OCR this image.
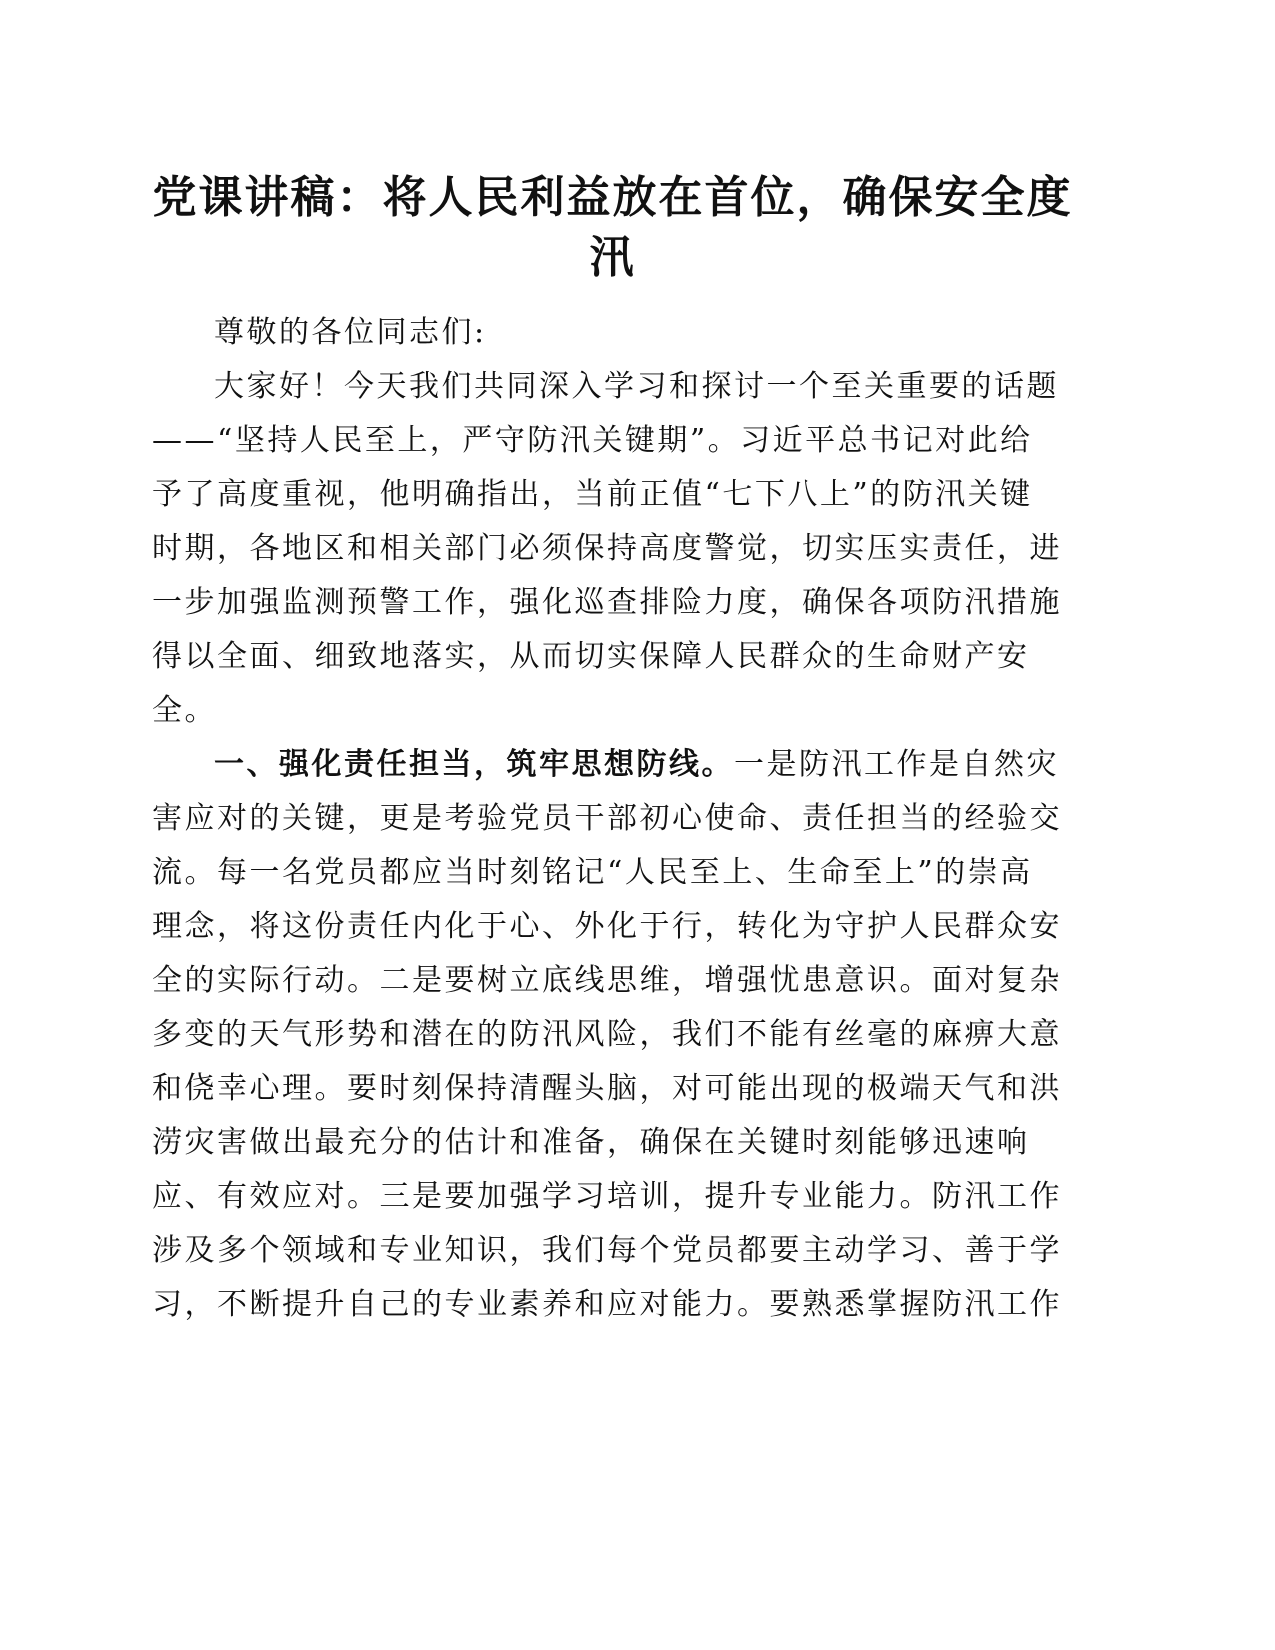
党课讲稿：将人民利益放在首位，确保安全度汛

尊敬的各位同志们:

大家好！今天我们共同深入学习和探讨一个至关重要的话题

——“坚持人民至上，严守防汛关键期”。习近平总书记对此给

予了高度重视，他明确指出，当前正值“七下八上”的防汛关键

时期，各地区和相关部门必须保持高度警觉，切实压实责任，进

一步加强监测预警工作，强化巡查排险力度，确保各项防汛措施

得以全面、细致地落实，从而切实保障人民群众的生命财产安

全。

一、强化责任担当，筑牢思想防线。一是防汛工作是自然灾

害应对的关键，更是考验党员干部初心使命、责任担当的经验交

流。每一名党员都应当时刻铭记“人民至上、生命至上”的崇高

理念，将这份责任内化于心、外化于行，转化为守护人民群众安

全的实际行动。二是要树立底线思维，增强忧患意识。面对复杂

多变的天气形势和潜在的防汛风险，我们不能有丝毫的麻痹大意

和侥幸心理。要时刻保持清醒头脑，对可能出现的极端天气和洪

涝灾害做出最充分的估计和准备，确保在关键时刻能够迅速响

应、有效应对。三是要加强学习培训，提升专业能力。防汛工作

涉及多个领域和专业知识，我们每个党员都要主动学习、善于学

习，不断提升自己的专业素养和应对能力。要熟悉掌握防汛工作
